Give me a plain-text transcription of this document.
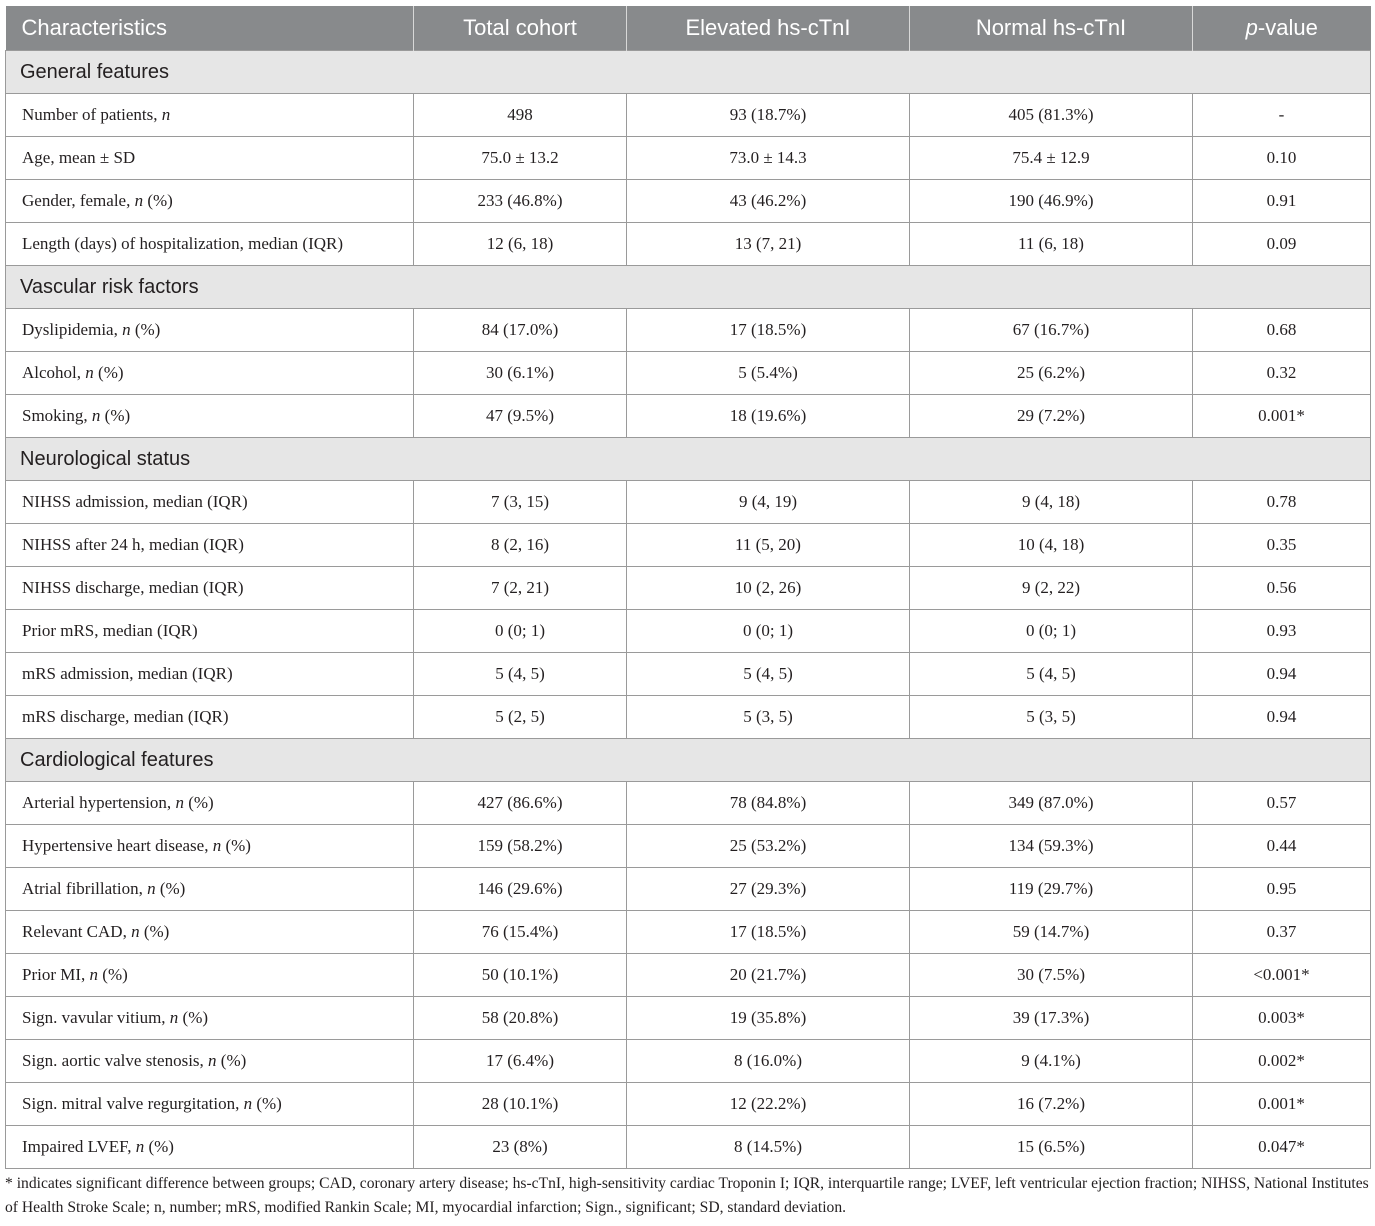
Characteristics	Total cohort	Elevated hs-cTnI	Normal hs-cTnI	p-value
General features				
Number of patients, n	498	93 (18.7%)	405 (81.3%)	-
Age, mean ± SD	75.0 ± 13.2	73.0 ± 14.3	75.4 ± 12.9	0.10
Gender, female, n (%)	233 (46.8%)	43 (46.2%)	190 (46.9%)	0.91
Length (days) of hospitalization, median (IQR)	12 (6, 18)	13 (7, 21)	11 (6, 18)	0.09
Vascular risk factors				
Dyslipidemia, n (%)	84 (17.0%)	17 (18.5%)	67 (16.7%)	0.68
Alcohol, n (%)	30 (6.1%)	5 (5.4%)	25 (6.2%)	0.32
Smoking, n (%)	47 (9.5%)	18 (19.6%)	29 (7.2%)	0.001*
Neurological status				
NIHSS admission, median (IQR)	7 (3, 15)	9 (4, 19)	9 (4, 18)	0.78
NIHSS after 24 h, median (IQR)	8 (2, 16)	11 (5, 20)	10 (4, 18)	0.35
NIHSS discharge, median (IQR)	7 (2, 21)	10 (2, 26)	9 (2, 22)	0.56
Prior mRS, median (IQR)	0 (0; 1)	0 (0; 1)	0 (0; 1)	0.93
mRS admission, median (IQR)	5 (4, 5)	5 (4, 5)	5 (4, 5)	0.94
mRS discharge, median (IQR)	5 (2, 5)	5 (3, 5)	5 (3, 5)	0.94
Cardiological features				
Arterial hypertension, n (%)	427 (86.6%)	78 (84.8%)	349 (87.0%)	0.57
Hypertensive heart disease, n (%)	159 (58.2%)	25 (53.2%)	134 (59.3%)	0.44
Atrial fibrillation, n (%)	146 (29.6%)	27 (29.3%)	119 (29.7%)	0.95
Relevant CAD, n (%)	76 (15.4%)	17 (18.5%)	59 (14.7%)	0.37
Prior MI, n (%)	50 (10.1%)	20 (21.7%)	30 (7.5%)	<0.001*
Sign. vavular vitium, n (%)	58 (20.8%)	19 (35.8%)	39 (17.3%)	0.003*
Sign. aortic valve stenosis, n (%)	17 (6.4%)	8 (16.0%)	9 (4.1%)	0.002*
Sign. mitral valve regurgitation, n (%)	28 (10.1%)	12 (22.2%)	16 (7.2%)	0.001*
Impaired LVEF, n (%)	23 (8%)	8 (14.5%)	15 (6.5%)	0.047*
* indicates significant difference between groups; CAD, coronary artery disease; hs-cTnI, high-sensitivity cardiac Troponin I; IQR, interquartile range; LVEF, left ventricular ejection fraction; NIHSS, National Institutes of Health Stroke Scale; n, number; mRS, modified Rankin Scale; MI, myocardial infarction; Sign., significant; SD, standard deviation.
